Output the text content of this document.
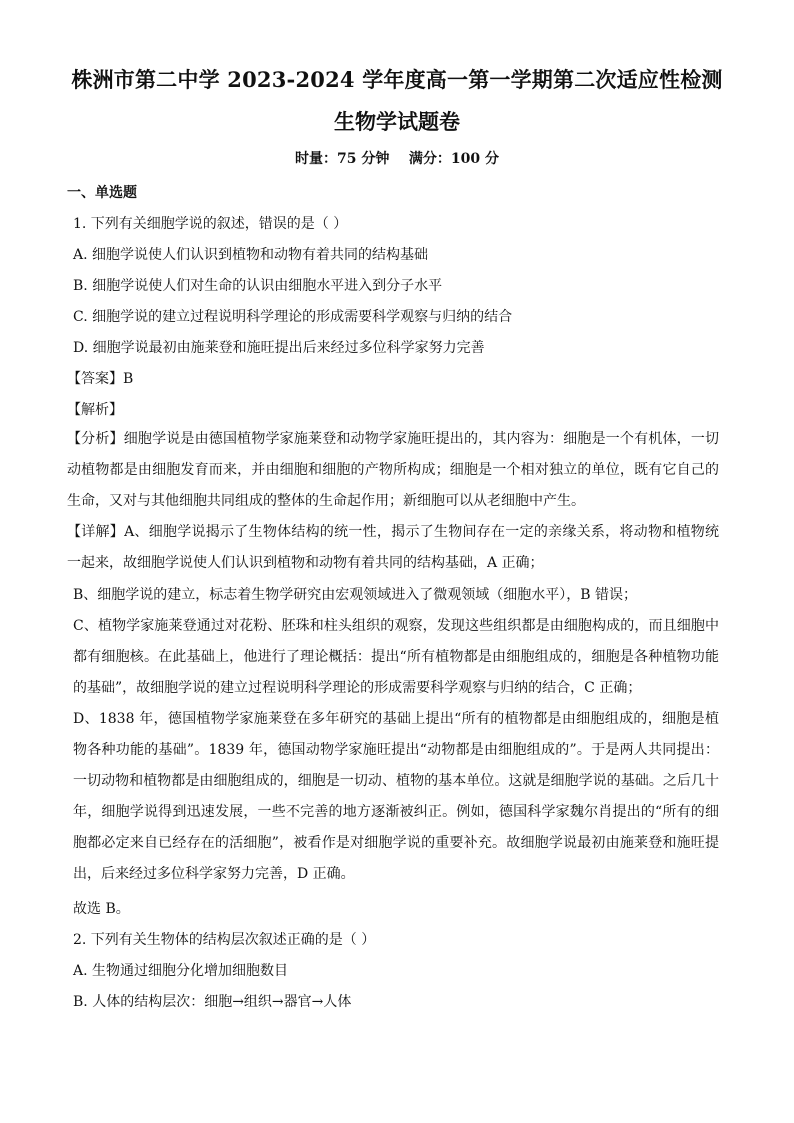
株洲市第二中学 2023-2024 学年度高一第一学期第二次适应性检测
生物学试题卷
时量：75 分钟    满分：100 分
一、单选题
1. 下列有关细胞学说的叙述，错误的是（ ）
A. 细胞学说使人们认识到植物和动物有着共同的结构基础
B. 细胞学说使人们对生命的认识由细胞水平进入到分子水平
C. 细胞学说的建立过程说明科学理论的形成需要科学观察与归纳的结合
D. 细胞学说最初由施莱登和施旺提出后来经过多位科学家努力完善
【答案】B
【解析】

【分析】细胞学说是由德国植物学家施莱登和动物学家施旺提出的，其内容为：细胞是一个有机体，一切动植物都是由细胞发育而来，并由细胞和细胞的产物所构成；细胞是一个相对独立的单位，既有它自己的生命，又对与其他细胞共同组成的整体的生命起作用；新细胞可以从老细胞中产生。

【详解】A、细胞学说揭示了生物体结构的统一性，揭示了生物间存在一定的亲缘关系，将动物和植物统一起来，故细胞学说使人们认识到植物和动物有着共同的结构基础，A 正确；

B、细胞学说的建立，标志着生物学研究由宏观领域进入了微观领域（细胞水平），B 错误；
C、植物学家施莱登通过对花粉、胚珠和柱头组织的观察，发现这些组织都是由细胞构成的，而且细胞中都有细胞核。在此基础上，他进行了理论概括：提出“所有植物都是由细胞组成的，细胞是各种植物功能的基础”，故细胞学说的建立过程说明科学理论的形成需要科学观察与归纳的结合，C 正确；
D、1838 年，德国植物学家施莱登在多年研究的基础上提出“所有的植物都是由细胞组成的，细胞是植物各种功能的基础”。1839 年，德国动物学家施旺提出“动物都是由细胞组成的”。于是两人共同提出：一切动物和植物都是由细胞组成的，细胞是一切动、植物的基本单位。这就是细胞学说的基础。之后几十年，细胞学说得到迅速发展，一些不完善的地方逐渐被纠正。例如，德国科学家魏尔肖提出的“所有的细胞都必定来自已经存在的活细胞”，被看作是对细胞学说的重要补充。故细胞学说最初由施莱登和施旺提出，后来经过多位科学家努力完善，D 正确。
故选 B。
2. 下列有关生物体的结构层次叙述正确的是（ ）
A. 生物通过细胞分化增加细胞数目
B. 人体的结构层次：细胞→组织→器官→人体
